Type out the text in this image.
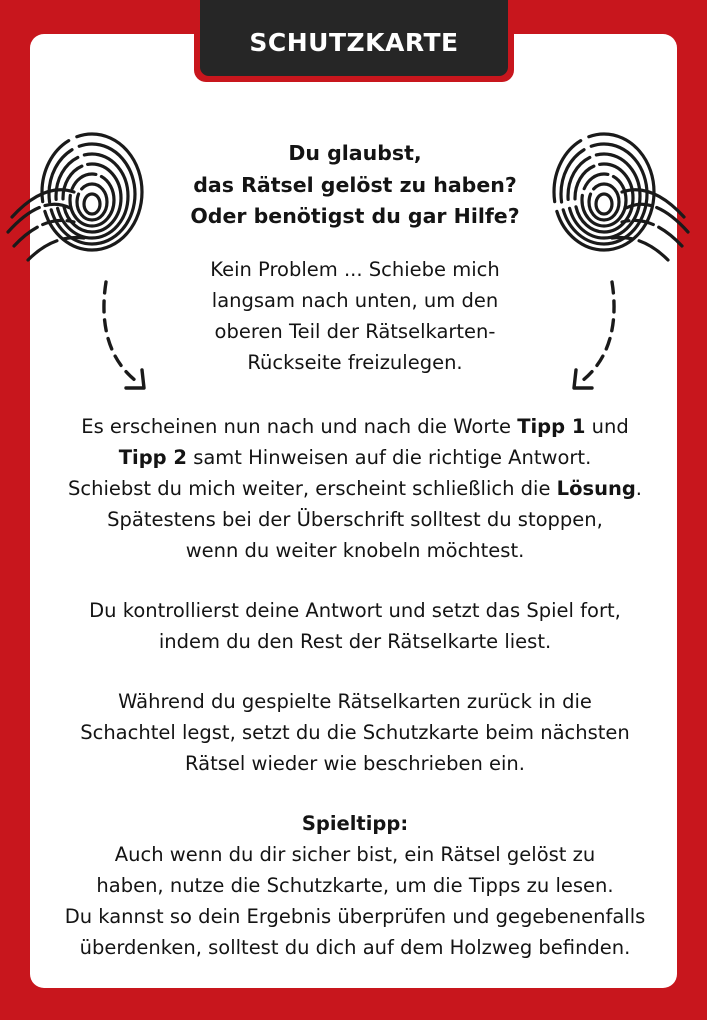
SCHUTZKARTE
Du glaubst,
das Rätsel gelöst zu haben?
Oder benötigst du gar Hilfe?
Kein Problem ... Schiebe mich
langsam nach unten, um den
oberen Teil der Rätselkarten-
Rückseite freizulegen.

Es erscheinen nun nach und nach die Worte Tipp 1 und
Tipp 2 samt Hinweisen auf die richtige Antwort.
Schiebst du mich weiter, erscheint schließlich die Lösung.
Spätestens bei der Überschrift solltest du stoppen,
wenn du weiter knobeln möchtest.

Du kontrollierst deine Antwort und setzt das Spiel fort,
indem du den Rest der Rätselkarte liest.

Während du gespielte Rätselkarten zurück in die
Schachtel legst, setzt du die Schutzkarte beim nächsten
Rätsel wieder wie beschrieben ein.

Spieltipp:
Auch wenn du dir sicher bist, ein Rätsel gelöst zu
haben, nutze die Schutzkarte, um die Tipps zu lesen.
Du kannst so dein Ergebnis überprüfen und gegebenenfalls
überdenken, solltest du dich auf dem Holzweg befinden.
